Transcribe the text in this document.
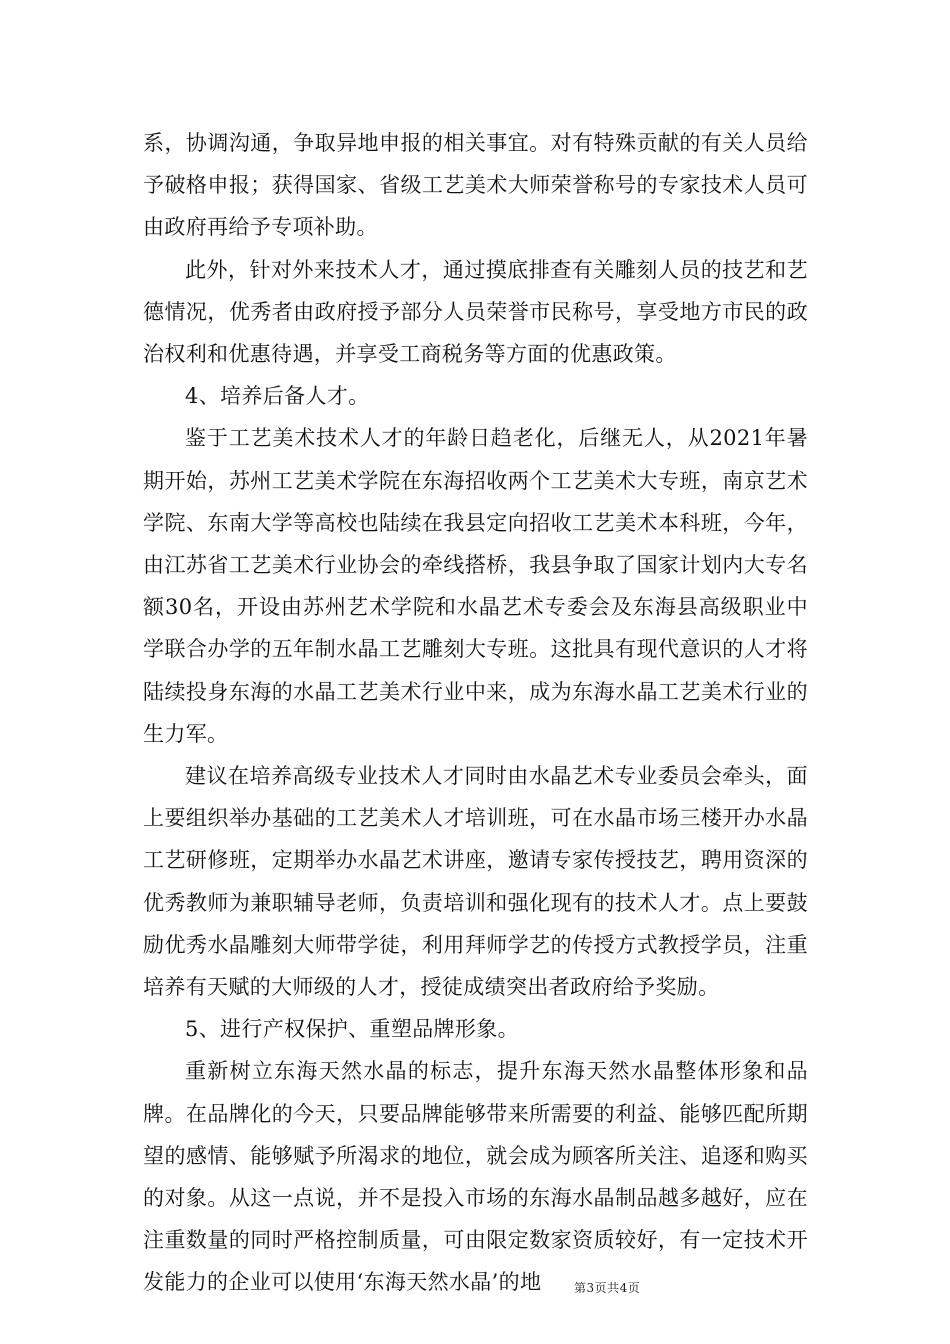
系，协调沟通，争取异地申报的相关事宜。对有特殊贡献的有关人员给予破格申报；获得国家、省级工艺美术大师荣誉称号的专家技术人员可由政府再给予专项补助。

此外，针对外来技术人才，通过摸底排查有关雕刻人员的技艺和艺德情况，优秀者由政府授予部分人员荣誉市民称号，享受地方市民的政治权利和优惠待遇，并享受工商税务等方面的优惠政策。

4、培养后备人才。

鉴于工艺美术技术人才的年龄日趋老化，后继无人，从2021年暑期开始，苏州工艺美术学院在东海招收两个工艺美术大专班，南京艺术学院、东南大学等高校也陆续在我县定向招收工艺美术本科班，今年，由江苏省工艺美术行业协会的牵线搭桥，我县争取了国家计划内大专名额30名，开设由苏州艺术学院和水晶艺术专委会及东海县高级职业中学联合办学的五年制水晶工艺雕刻大专班。这批具有现代意识的人才将陆续投身东海的水晶工艺美术行业中来，成为东海水晶工艺美术行业的生力军。

建议在培养高级专业技术人才同时由水晶艺术专业委员会牵头，面上要组织举办基础的工艺美术人才培训班，可在水晶市场三楼开办水晶工艺研修班，定期举办水晶艺术讲座，邀请专家传授技艺，聘用资深的优秀教师为兼职辅导老师，负责培训和强化现有的技术人才。点上要鼓励优秀水晶雕刻大师带学徒，利用拜师学艺的传授方式教授学员，注重培养有天赋的大师级的人才，授徒成绩突出者政府给予奖励。

5、进行产权保护、重塑品牌形象。

重新树立东海天然水晶的标志，提升东海天然水晶整体形象和品牌。在品牌化的今天，只要品牌能够带来所需要的利益、能够匹配所期望的感情、能够赋予所渴求的地位，就会成为顾客所关注、追逐和购买的对象。从这一点说，并不是投入市场的东海水晶制品越多越好，应在注重数量的同时严格控制质量，可由限定数家资质较好，有一定技术开发能力的企业可以使用‘东海天然水晶’的地	第3页共4页
